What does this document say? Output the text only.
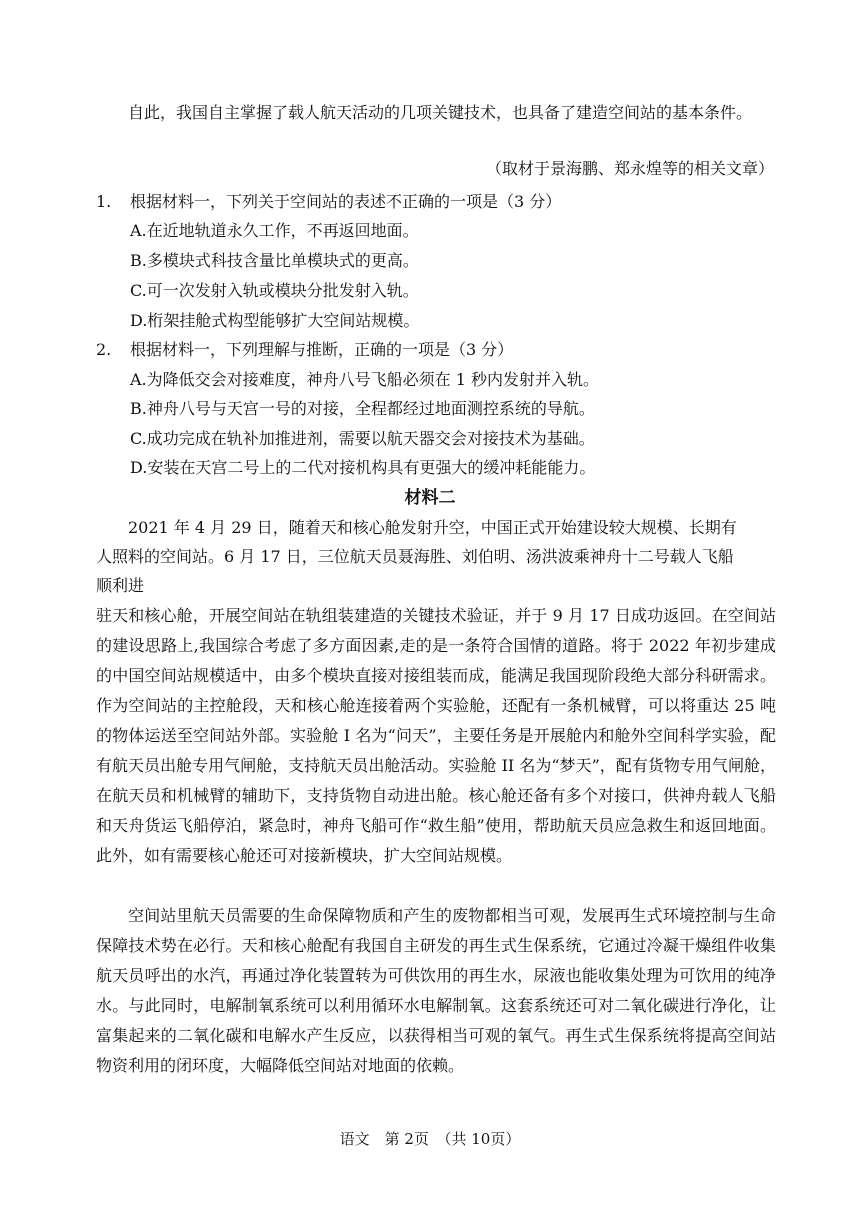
自此，我国自主掌握了载人航天活动的几项关键技术，也具备了建造空间站的基本条件。

（取材于景海鹏、郑永煌等的相关文章）
1. 根据材料一，下列关于空间站的表述不正确的一项是（3 分）
A.在近地轨道永久工作，不再返回地面。
B.多模块式科技含量比单模块式的更高。
C.可一次发射入轨或模块分批发射入轨。
D.桁架挂舱式构型能够扩大空间站规模。
2. 根据材料一，下列理解与推断，正确的一项是（3 分）
A.为降低交会对接难度，神舟八号飞船必须在 1 秒内发射并入轨。
B.神舟八号与天宫一号的对接，全程都经过地面测控系统的导航。
C.成功完成在轨补加推进剂，需要以航天器交会对接技术为基础。
D.安装在天宫二号上的二代对接机构具有更强大的缓冲耗能能力。
材料二
2021 年 4 月 29 日，随着天和核心舱发射升空，中国正式开始建设较大规模、长期有
人照料的空间站。6 月 17 日，三位航天员聂海胜、刘伯明、汤洪波乘神舟十二号载人飞船
顺利进

驻天和核心舱，开展空间站在轨组装建造的关键技术验证，并于 9 月 17 日成功返回。在空间站的建设思路上,我国综合考虑了多方面因素,走的是一条符合国情的道路。将于 2022 年初步建成的中国空间站规模适中，由多个模块直接对接组装而成，能满足我国现阶段绝大部分科研需求。作为空间站的主控舱段，天和核心舱连接着两个实验舱，还配有一条机械臂，可以将重达 25 吨的物体运送至空间站外部。实验舱 I 名为“问天”，主要任务是开展舱内和舱外空间科学实验，配有航天员出舱专用气闸舱，支持航天员出舱活动。实验舱 II 名为“梦天”，配有货物专用气闸舱，在航天员和机械臂的辅助下，支持货物自动进出舱。核心舱还备有多个对接口，供神舟载人飞船和天舟货运飞船停泊，紧急时，神舟飞船可作“救生船”使用，帮助航天员应急救生和返回地面。此外，如有需要核心舱还可对接新模块，扩大空间站规模。

空间站里航天员需要的生命保障物质和产生的废物都相当可观，发展再生式环境控制与生命保障技术势在必行。天和核心舱配有我国自主研发的再生式生保系统，它通过冷凝干燥组件收集航天员呼出的水汽，再通过净化装置转为可供饮用的再生水，尿液也能收集处理为可饮用的纯净水。与此同时，电解制氧系统可以利用循环水电解制氧。这套系统还可对二氧化碳进行净化，让富集起来的二氧化碳和电解水产生反应，以获得相当可观的氧气。再生式生保系统将提高空间站物资利用的闭环度，大幅降低空间站对地面的依赖。

语文　第 2页　（共 10页）
